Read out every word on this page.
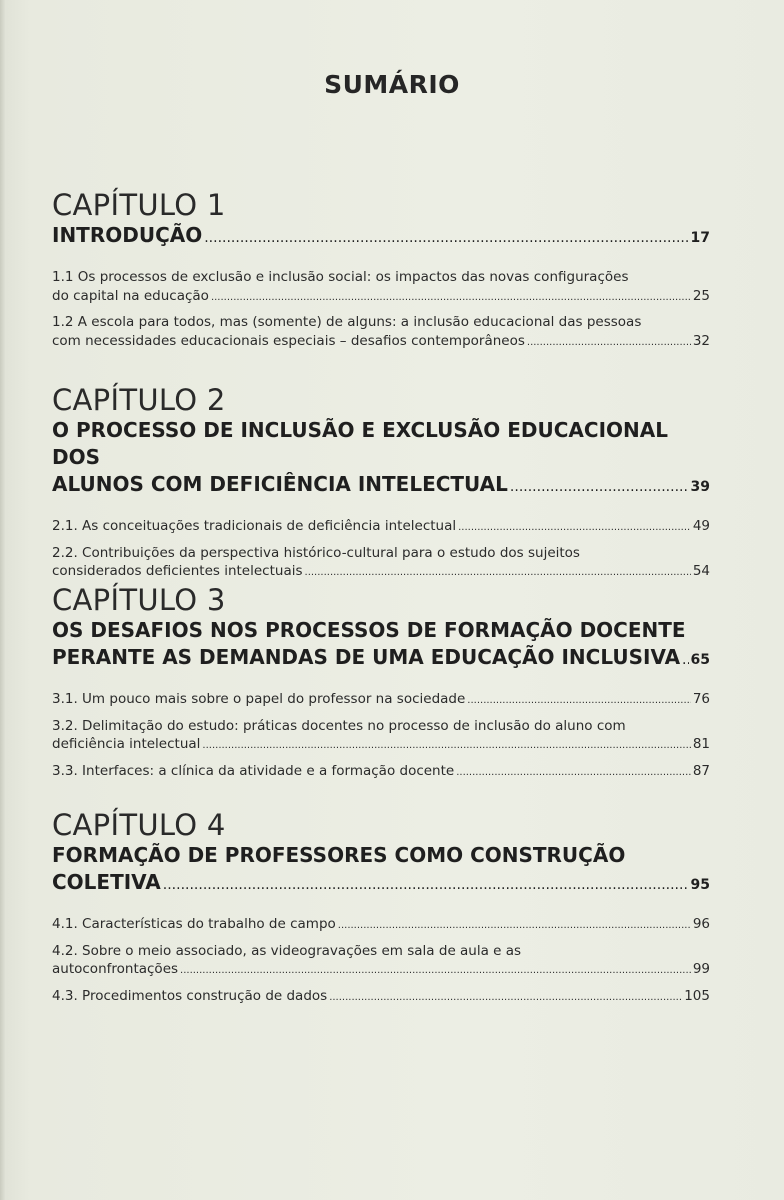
SUMÁRIO
CAPÍTULO 1
INTRODUÇÃO .....	17
1.1 Os processos de exclusão e inclusão social: os impactos das novas configurações
do capital na educação .....	25
1.2 A escola para todos, mas (somente) de alguns: a inclusão educacional das pessoas
com necessidades educacionais especiais – desafios contemporâneos .....	32
CAPÍTULO 2
O PROCESSO DE INCLUSÃO E EXCLUSÃO EDUCACIONAL DOS
ALUNOS COM DEFICIÊNCIA INTELECTUAL .....	39
2.1. As conceituações tradicionais de deficiência intelectual .....	49
2.2. Contribuições da perspectiva histórico-cultural para o estudo dos sujeitos
considerados deficientes intelectuais .....	54
CAPÍTULO 3
OS DESAFIOS NOS PROCESSOS DE FORMAÇÃO DOCENTE
PERANTE AS DEMANDAS DE UMA EDUCAÇÃO INCLUSIVA ..... 65
3.1. Um pouco mais sobre o papel do professor na sociedade .....	76
3.2. Delimitação do estudo: práticas docentes no processo de inclusão do aluno com
deficiência intelectual .....	81
3.3. Interfaces: a clínica da atividade e a formação docente .....	87
CAPÍTULO 4
FORMAÇÃO DE PROFESSORES COMO CONSTRUÇÃO
COLETIVA .....	95
4.1. Características do trabalho de campo .....	96
4.2. Sobre o meio associado, as videogravações em sala de aula e as
autoconfrontações .....	99
4.3. Procedimentos construção de dados .....	105
